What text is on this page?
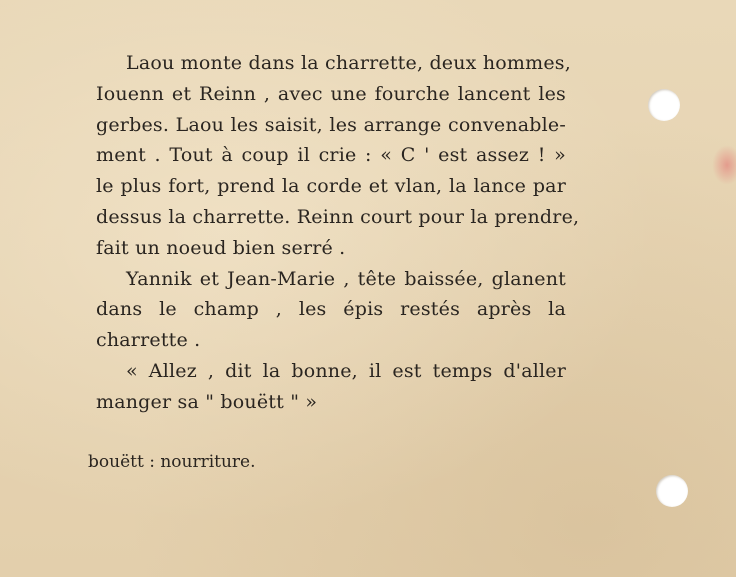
Laou monte dans la charrette, deux hommes,
Iouenn et Reinn , avec une fourche lancent les
gerbes. Laou les saisit, les arrange convenable-
ment . Tout à coup il crie : « C ' est assez ! »
le plus fort, prend la corde et vlan, la lance par
dessus la charrette. Reinn court pour la prendre,
fait un noeud bien serré .
Yannik et Jean-Marie , tête baissée, glanent
dans le champ , les épis restés après la
charrette .
« Allez , dit la bonne, il est temps d'aller
manger sa " bouëtt " »
bouëtt : nourriture.
